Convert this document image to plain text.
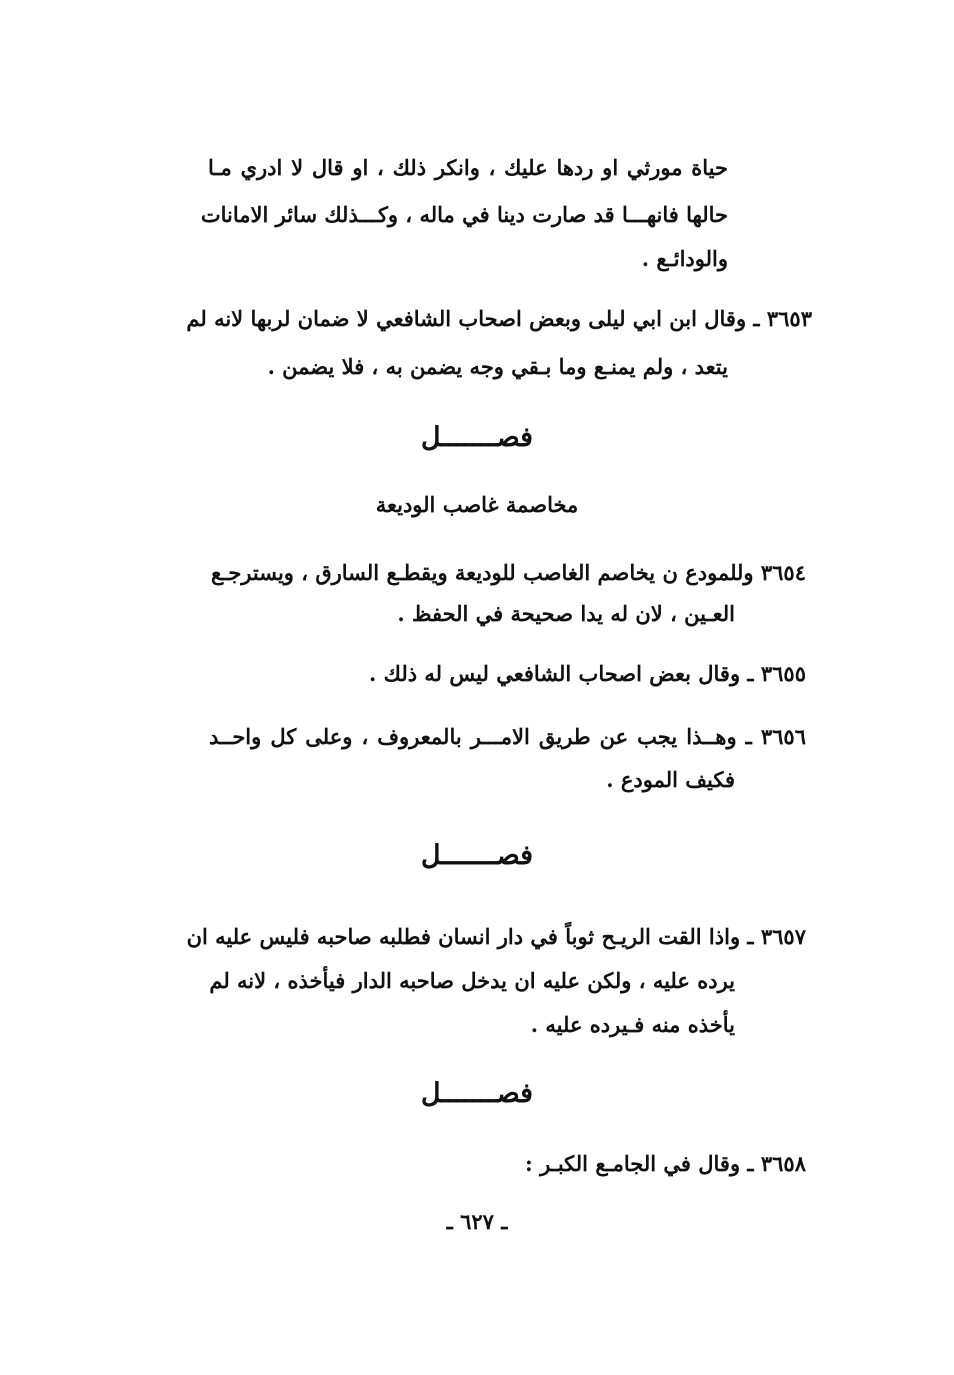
حياة مورثي او ردها عليك ، وانكر ذلك ، او قال لا ادري مـا
حالها فانهـــا قد صارت دينا في ماله ، وكـــذلك سائر الامانات
والودائـع .
٣٦٥٣ ـ وقال ابن ابي ليلى وبعض اصحاب الشافعي لا ضمان لربها لانه لم
يتعد ، ولم يمنـع وما بـقي وجه يضمن به ، فلا يضمن .
فصـــــــل
مخاصمة غاصب الوديعة
٣٦٥٤ وللمودع ن يخاصم الغاصب للوديعة ويقطـع السارق ، ويسترجـع
العـين ، لان له يدا صحيحة في الحفظ .
٣٦٥٥ ـ وقال بعض اصحاب الشافعي ليس له ذلك .
٣٦٥٦ ـ وهــذا يجب عن طريق الامـــر بالمعروف ، وعلى كل واحــد
فكيف المودع .
فصـــــــل
٣٦٥٧ ـ واذا القت الريـح ثوباً في دار انسان فطلبه صاحبه فليس عليه ان
يرده عليه ، ولكن عليه ان يدخل صاحبه الدار فيأخذه ، لانه لم
يأخذه منه فـيرده عليه .
فصـــــــل
٣٦٥٨ ـ وقال في الجامـع الكبـر :
ـ ٦٢٧ ـ
